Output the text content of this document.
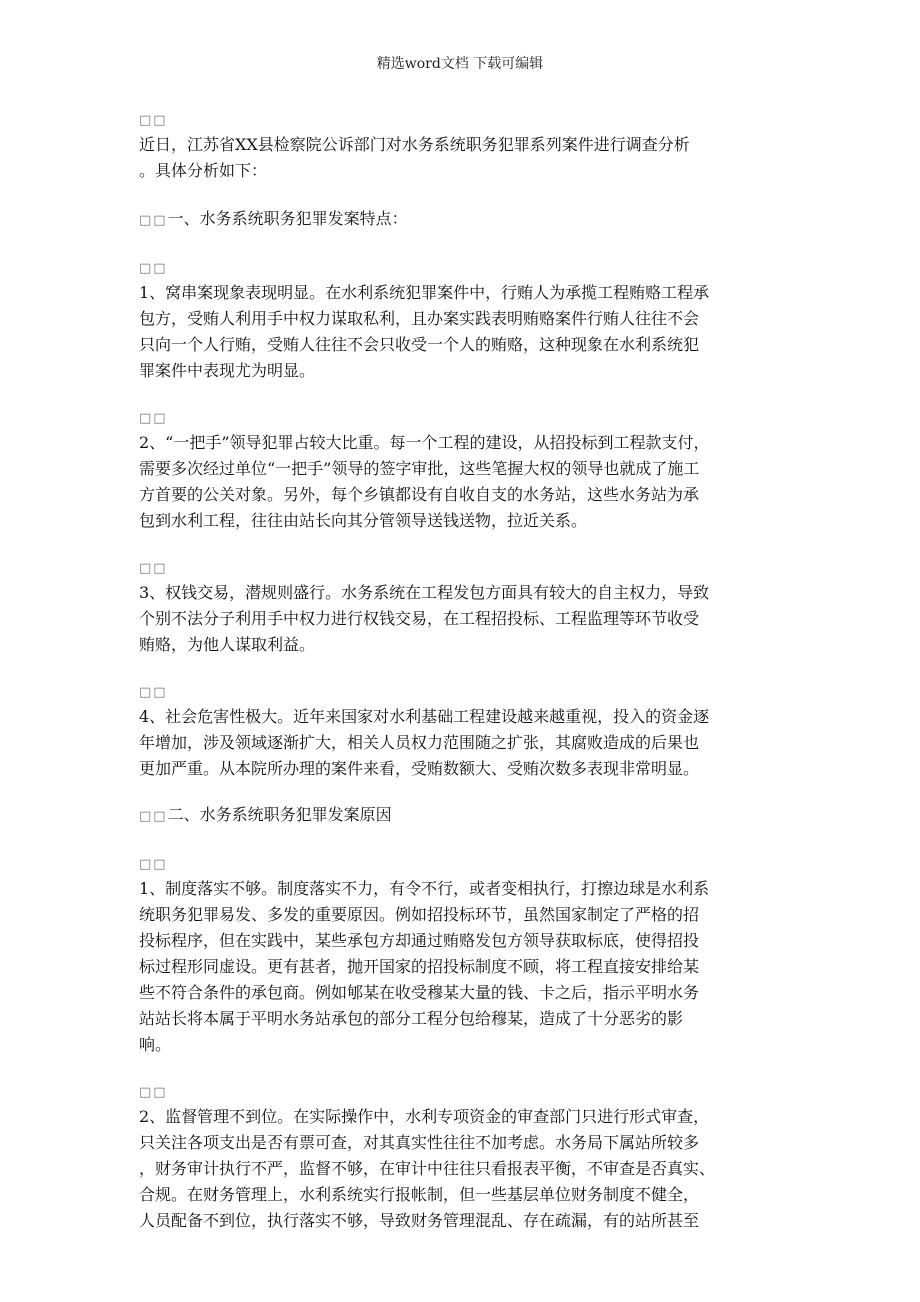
精选word文档 下载可编辑
□□

近日，江苏省XX县检察院公诉部门对水务系统职务犯罪系列案件进行调查分析
。具体分析如下：

□□一、水务系统职务犯罪发案特点：
□□

1、窝串案现象表现明显。在水利系统犯罪案件中，行贿人为承揽工程贿赂工程承
包方，受贿人利用手中权力谋取私利，且办案实践表明贿赂案件行贿人往往不会
只向一个人行贿，受贿人往往不会只收受一个人的贿赂，这种现象在水利系统犯
罪案件中表现尤为明显。

□□

2、“一把手”领导犯罪占较大比重。每一个工程的建设，从招投标到工程款支付，
需要多次经过单位“一把手”领导的签字审批，这些笔握大权的领导也就成了施工
方首要的公关对象。另外，每个乡镇都设有自收自支的水务站，这些水务站为承
包到水利工程，往往由站长向其分管领导送钱送物，拉近关系。

□□

3、权钱交易，潜规则盛行。水务系统在工程发包方面具有较大的自主权力，导致
个别不法分子利用手中权力进行权钱交易，在工程招投标、工程监理等环节收受
贿赂，为他人谋取利益。

□□

4、社会危害性极大。近年来国家对水利基础工程建设越来越重视，投入的资金逐
年增加，涉及领域逐渐扩大，相关人员权力范围随之扩张，其腐败造成的后果也
更加严重。从本院所办理的案件来看，受贿数额大、受贿次数多表现非常明显。

□□二、水务系统职务犯罪发案原因
□□

1、制度落实不够。制度落实不力，有令不行，或者变相执行，打擦边球是水利系
统职务犯罪易发、多发的重要原因。例如招投标环节，虽然国家制定了严格的招
投标程序，但在实践中，某些承包方却通过贿赂发包方领导获取标底，使得招投
标过程形同虚设。更有甚者，抛开国家的招投标制度不顾，将工程直接安排给某
些不符合条件的承包商。例如郇某在收受穆某大量的钱、卡之后，指示平明水务
站站长将本属于平明水务站承包的部分工程分包给穆某，造成了十分恶劣的影
响。

□□

2、监督管理不到位。在实际操作中，水利专项资金的审查部门只进行形式审查，
只关注各项支出是否有票可查，对其真实性往往不加考虑。水务局下属站所较多
，财务审计执行不严，监督不够，在审计中往往只看报表平衡，不审查是否真实、
合规。在财务管理上，水利系统实行报帐制，但一些基层单位财务制度不健全，
人员配备不到位，执行落实不够，导致财务管理混乱、存在疏漏，有的站所甚至
